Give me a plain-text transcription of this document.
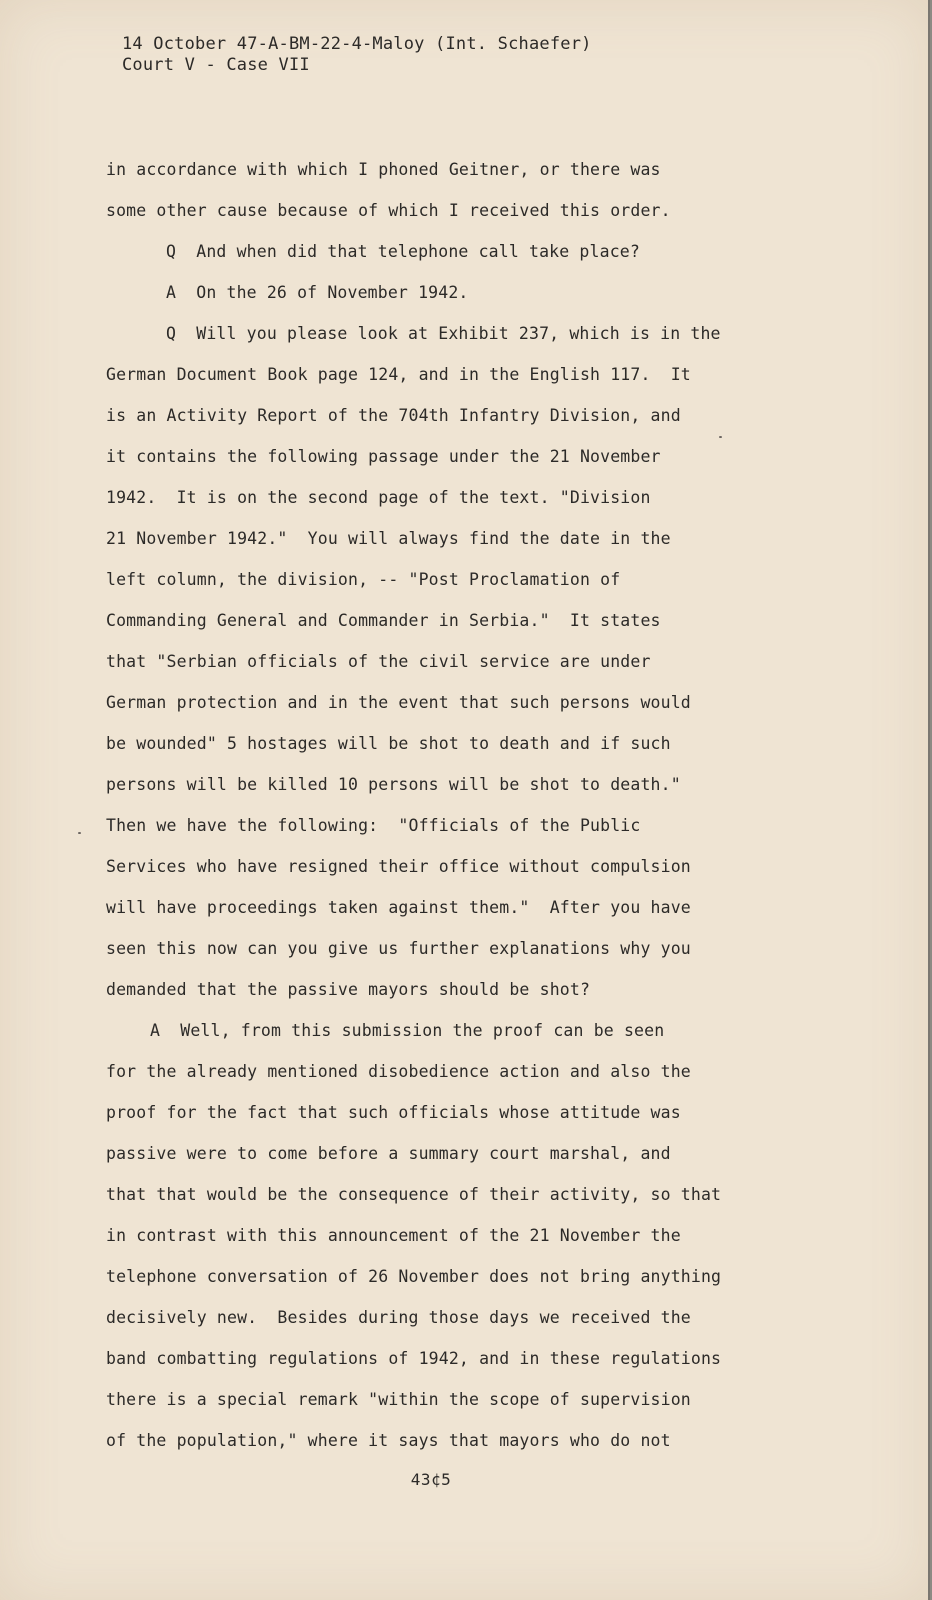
14 October 47-A-BM-22-4-Maloy (Int. Schaefer)
Court V - Case VII
in accordance with which I phoned Geitner, or there was
some other cause because of which I received this order.
Q  And when did that telephone call take place?
A  On the 26 of November 1942.
Q  Will you please look at Exhibit 237, which is in the
German Document Book page 124, and in the English 117.  It
is an Activity Report of the 704th Infantry Division, and
it contains the following passage under the 21 November
1942.  It is on the second page of the text. "Division
21 November 1942."  You will always find the date in the
left column, the division, -- "Post Proclamation of
Commanding General and Commander in Serbia."  It states
that "Serbian officials of the civil service are under
German protection and in the event that such persons would
be wounded" 5 hostages will be shot to death and if such
persons will be killed 10 persons will be shot to death."
Then we have the following:  "Officials of the Public
Services who have resigned their office without compulsion
will have proceedings taken against them."  After you have
seen this now can you give us further explanations why you
demanded that the passive mayors should be shot?
A  Well, from this submission the proof can be seen
for the already mentioned disobedience action and also the
proof for the fact that such officials whose attitude was
passive were to come before a summary court marshal, and
that that would be the consequence of their activity, so that
in contrast with this announcement of the 21 November the
telephone conversation of 26 November does not bring anything
decisively new.  Besides during those days we received the
band combatting regulations of 1942, and in these regulations
there is a special remark "within the scope of supervision
of the population," where it says that mayors who do not
43¢5
